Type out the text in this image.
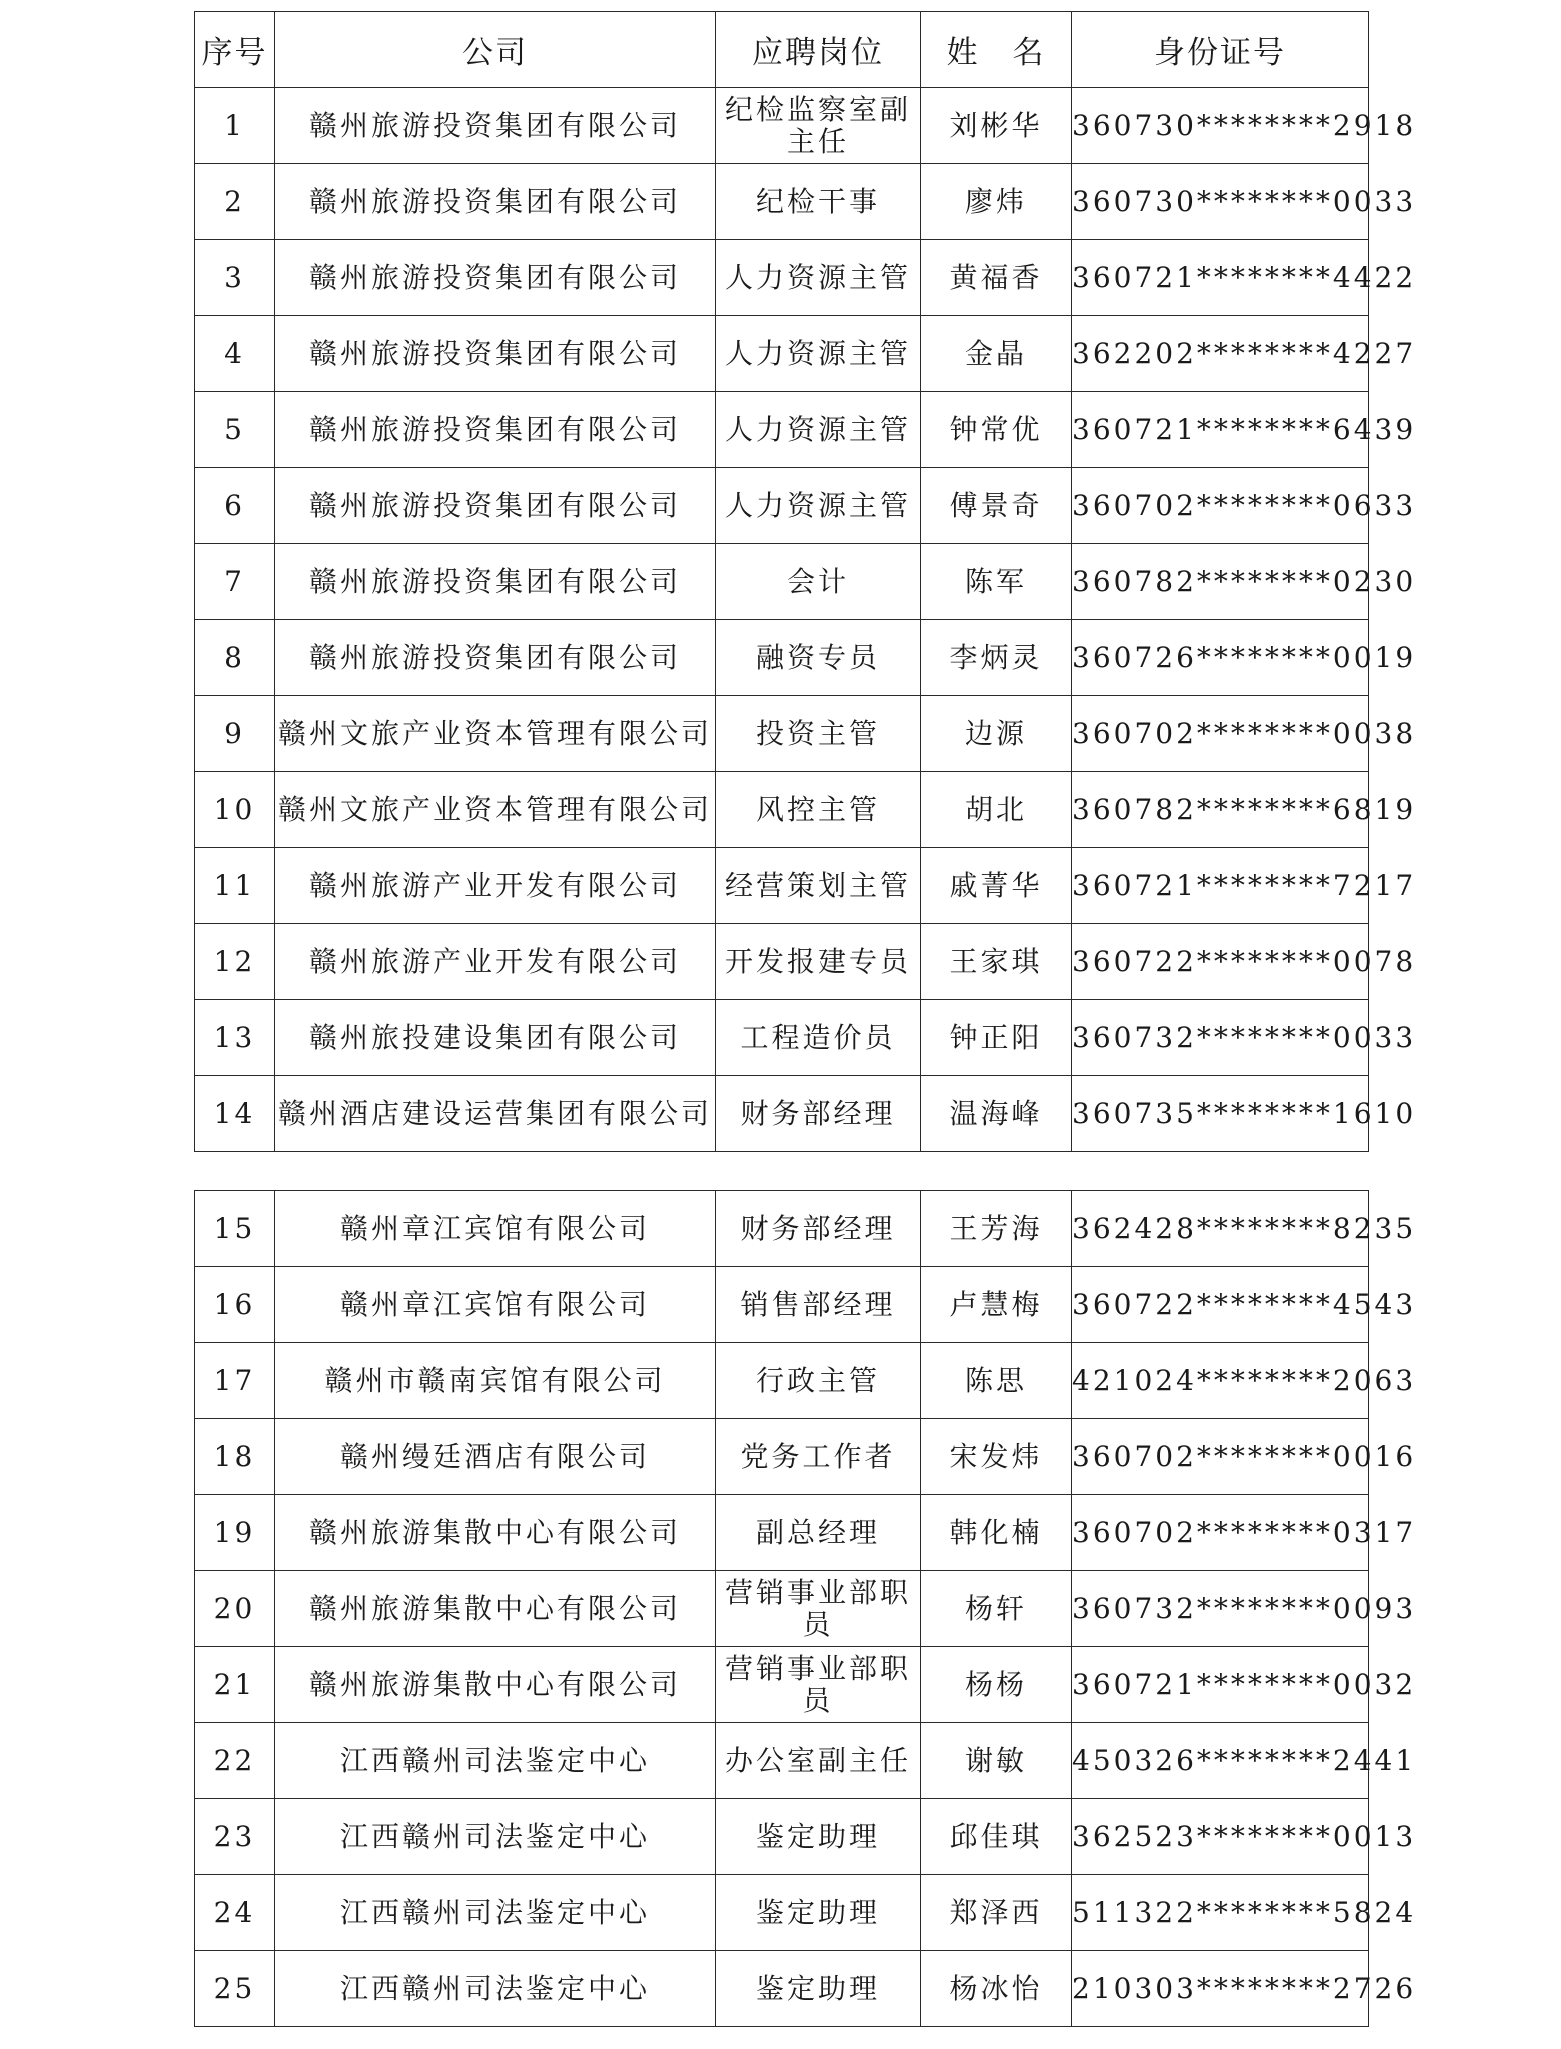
序号	公司	应聘岗位	姓　名	身份证号
1	赣州旅游投资集团有限公司	纪检监察室副主任	刘彬华	360730********2918
2	赣州旅游投资集团有限公司	纪检干事	廖炜	360730********0033
3	赣州旅游投资集团有限公司	人力资源主管	黄福香	360721********4422
4	赣州旅游投资集团有限公司	人力资源主管	金晶	362202********4227
5	赣州旅游投资集团有限公司	人力资源主管	钟常优	360721********6439
6	赣州旅游投资集团有限公司	人力资源主管	傅景奇	360702********0633
7	赣州旅游投资集团有限公司	会计	陈军	360782********0230
8	赣州旅游投资集团有限公司	融资专员	李炳灵	360726********0019
9	赣州文旅产业资本管理有限公司	投资主管	边源	360702********0038
10	赣州文旅产业资本管理有限公司	风控主管	胡北	360782********6819
11	赣州旅游产业开发有限公司	经营策划主管	戚菁华	360721********7217
12	赣州旅游产业开发有限公司	开发报建专员	王家琪	360722********0078
13	赣州旅投建设集团有限公司	工程造价员	钟正阳	360732********0033
14	赣州酒店建设运营集团有限公司	财务部经理	温海峰	360735********1610
15	赣州章江宾馆有限公司	财务部经理	王芳海	362428********8235
16	赣州章江宾馆有限公司	销售部经理	卢慧梅	360722********4543
17	赣州市赣南宾馆有限公司	行政主管	陈思	421024********2063
18	赣州缦廷酒店有限公司	党务工作者	宋发炜	360702********0016
19	赣州旅游集散中心有限公司	副总经理	韩化楠	360702********0317
20	赣州旅游集散中心有限公司	营销事业部职员	杨轩	360732********0093
21	赣州旅游集散中心有限公司	营销事业部职员	杨杨	360721********0032
22	江西赣州司法鉴定中心	办公室副主任	谢敏	450326********2441
23	江西赣州司法鉴定中心	鉴定助理	邱佳琪	362523********0013
24	江西赣州司法鉴定中心	鉴定助理	郑泽西	511322********5824
25	江西赣州司法鉴定中心	鉴定助理	杨冰怡	210303********2726
